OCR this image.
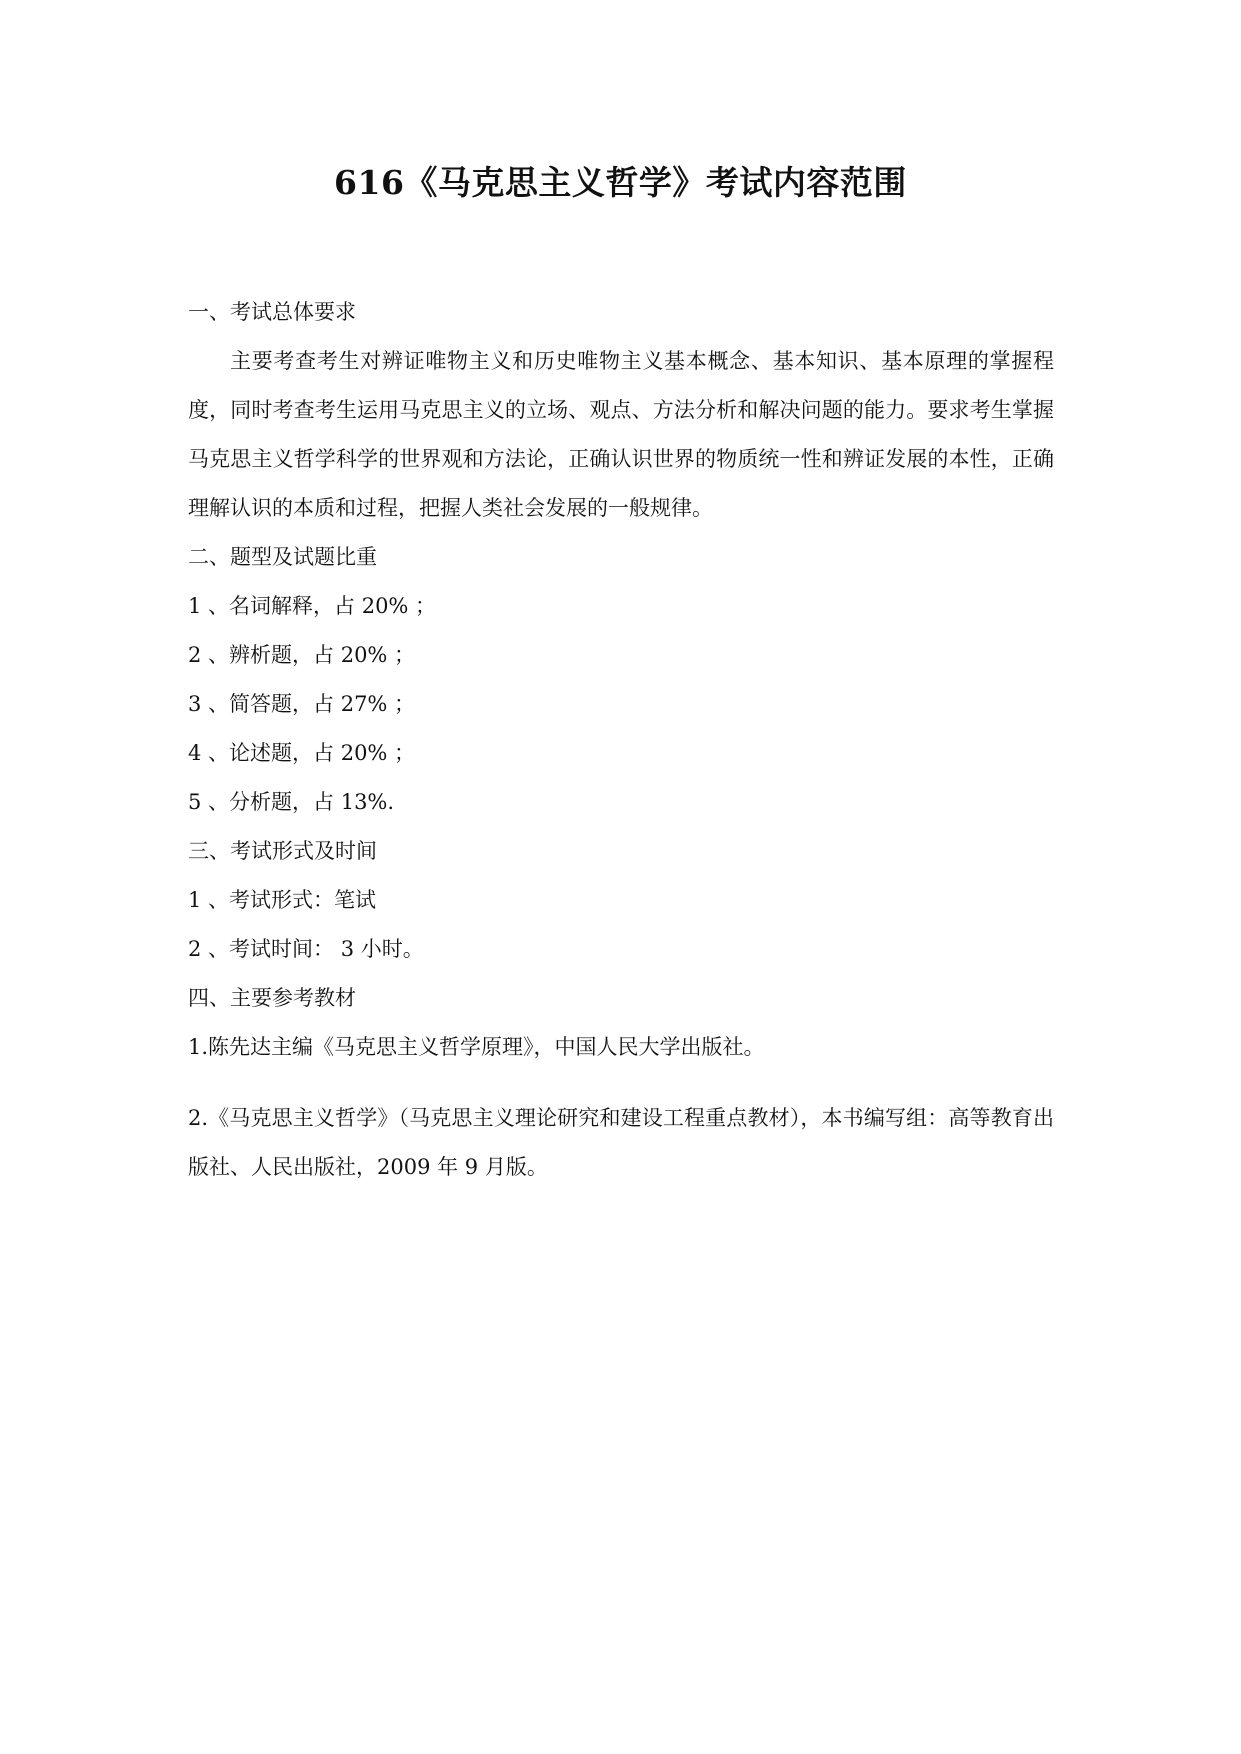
616《马克思主义哲学》考试内容范围
一、考试总体要求

主要考查考生对辨证唯物主义和历史唯物主义基本概念、基本知识、基本原理的掌握程度，同时考查考生运用马克思主义的立场、观点、方法分析和解决问题的能力。要求考生掌握马克思主义哲学科学的世界观和方法论，正确认识世界的物质统一性和辨证发展的本性，正确理解认识的本质和过程，把握人类社会发展的一般规律。

二、题型及试题比重
1 、名词解释，占 20% ；
2 、辨析题，占 20% ；
3 、简答题，占 27% ；
4 、论述题，占 20% ；
5 、分析题，占 13%.
三、考试形式及时间
1 、考试形式：笔试
2 、考试时间： 3 小时。
四、主要参考教材
1.陈先达主编《马克思主义哲学原理》，中国人民大学出版社。

2.《马克思主义哲学》（马克思主义理论研究和建设工程重点教材），本书编写组：高等教育出版社、人民出版社，2009 年 9 月版。
